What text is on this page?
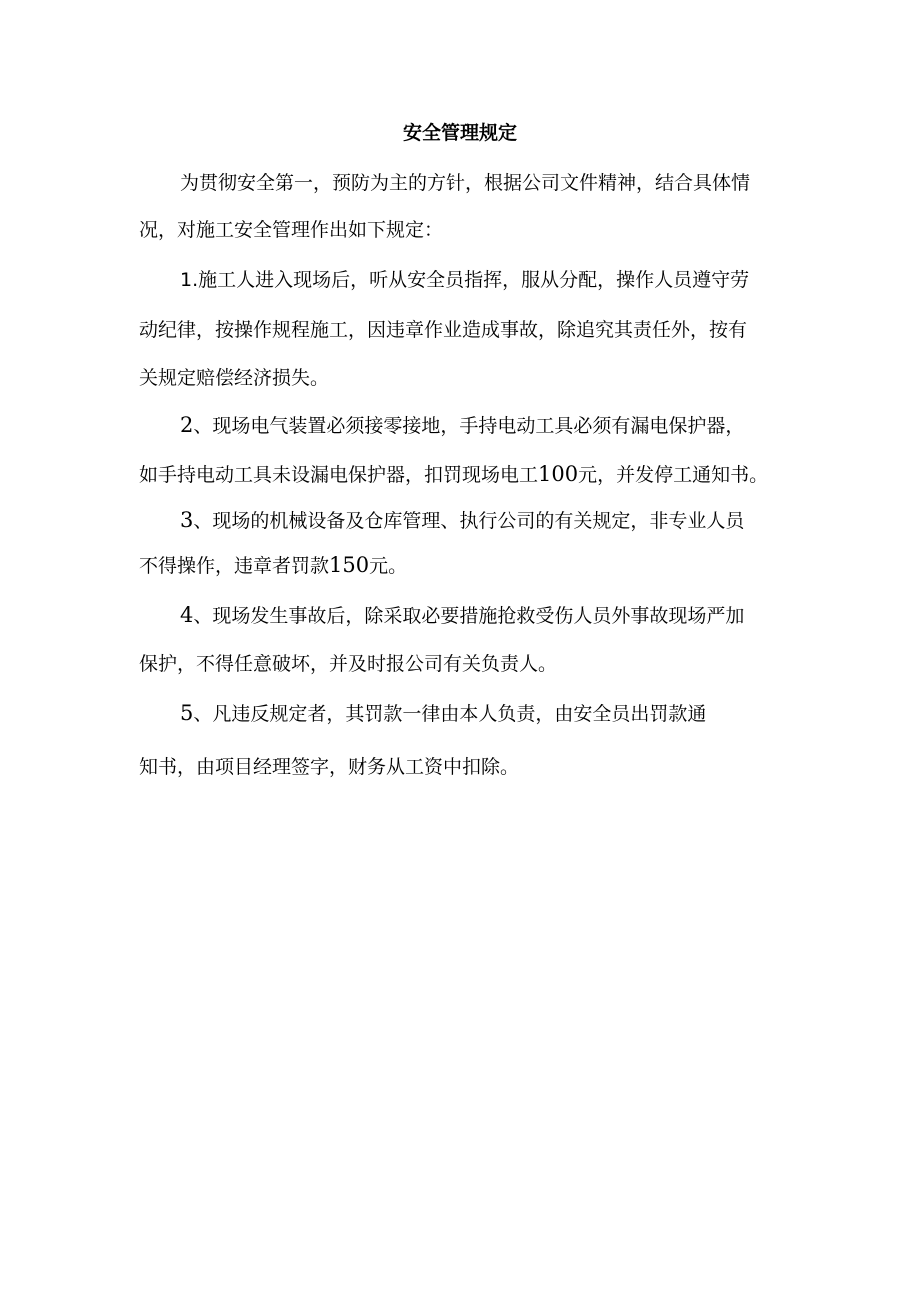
安全管理规定
为贯彻安全第一，预防为主的方针，根据公司文件精神，结合具体情
况，对施工安全管理作出如下规定：
1.施工人进入现场后，听从安全员指挥，服从分配，操作人员遵守劳
动纪律，按操作规程施工，因违章作业造成事故，除追究其责任外，按有
关规定赔偿经济损失。
2、现场电气装置必须接零接地，手持电动工具必须有漏电保护器，
如手持电动工具未设漏电保护器，扣罚现场电工100元，并发停工通知书。
3、现场的机械设备及仓库管理、执行公司的有关规定，非专业人员
不得操作，违章者罚款150元。
4、现场发生事故后，除采取必要措施抢救受伤人员外事故现场严加
保护，不得任意破坏，并及时报公司有关负责人。
5、凡违反规定者，其罚款一律由本人负责，由安全员出罚款通
知书，由项目经理签字，财务从工资中扣除。
